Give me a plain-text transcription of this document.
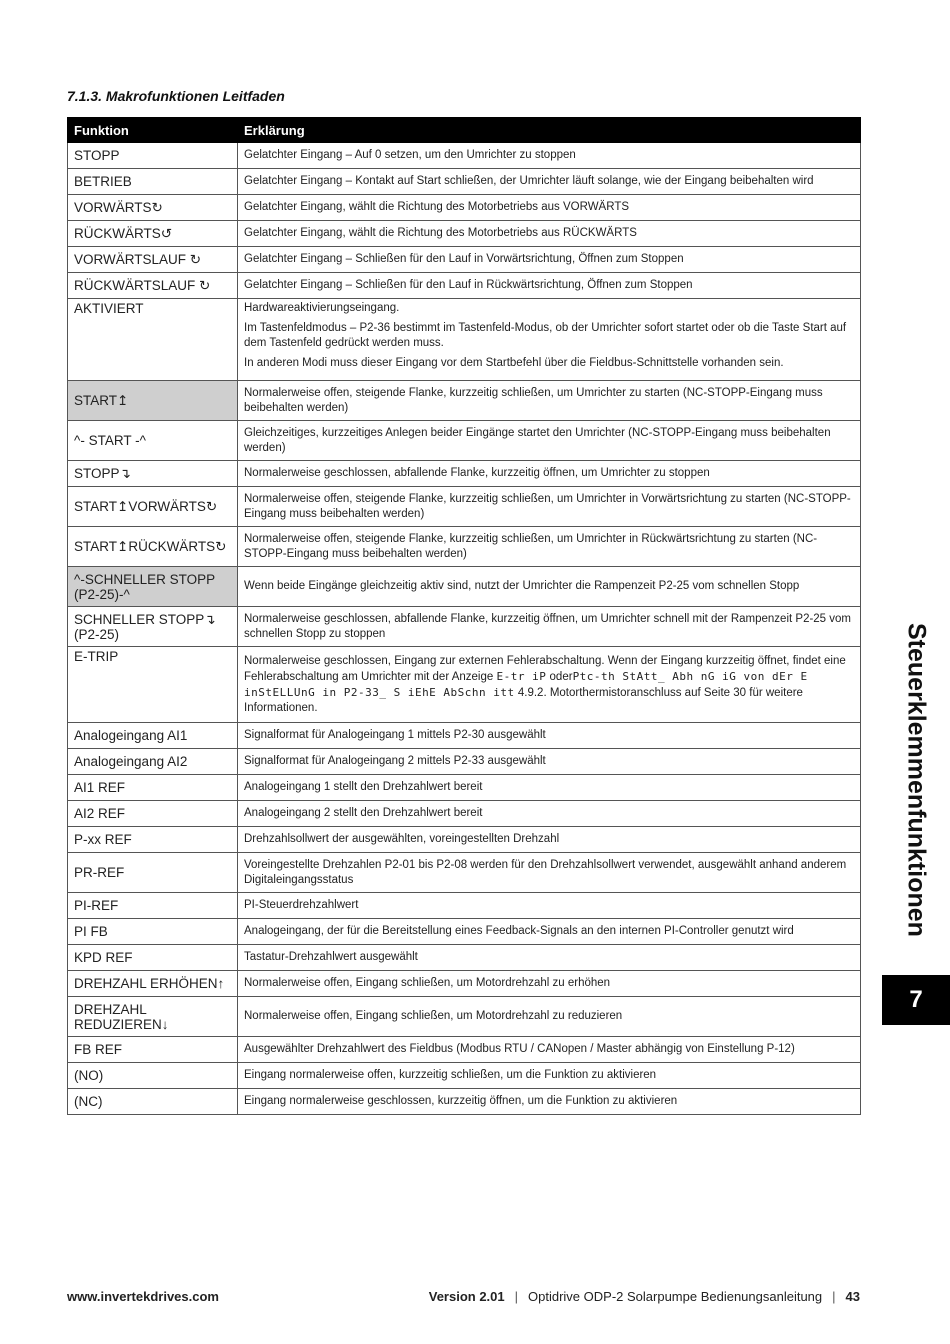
7.1.3. Makrofunktionen Leitfaden
Funktion	Erklärung
STOPP	Gelatchter Eingang – Auf 0 setzen, um den Umrichter zu stoppen
BETRIEB	Gelatchter Eingang – Kontakt auf Start schließen, der Umrichter läuft solange, wie der Eingang beibehalten wird
VORWÄRTS↻	Gelatchter Eingang, wählt die Richtung des Motorbetriebs aus VORWÄRTS
RÜCKWÄRTS↺	Gelatchter Eingang, wählt die Richtung des Motorbetriebs aus RÜCKWÄRTS
VORWÄRTSLAUF ↻	Gelatchter Eingang – Schließen für den Lauf in Vorwärtsrichtung, Öffnen zum Stoppen
RÜCKWÄRTSLAUF ↻	Gelatchter Eingang – Schließen für den Lauf in Rückwärtsrichtung, Öffnen zum Stoppen
AKTIVIERT	Hardwareaktivierungseingang.

Im Tastenfeldmodus – P2-36 bestimmt im Tastenfeld-Modus, ob der Umrichter sofort startet oder ob die Taste Start auf dem Tastenfeld gedrückt werden muss.

In anderen Modi muss dieser Eingang vor dem Startbefehl über die Fieldbus-Schnittstelle vorhanden sein.

START↥	Normalerweise offen, steigende Flanke, kurzzeitig schließen, um Umrichter zu starten (NC-STOPP-Eingang muss beibehalten werden)
^- START -^	Gleichzeitiges, kurzzeitiges Anlegen beider Eingänge startet den Umrichter (NC-STOPP-Eingang muss beibehalten werden)
STOPP↴	Normalerweise geschlossen, abfallende Flanke, kurzzeitig öffnen, um Umrichter zu stoppen
START↥VORWÄRTS↻	Normalerweise offen, steigende Flanke, kurzzeitig schließen, um Umrichter in Vorwärtsrichtung zu starten (NC-STOPP-Eingang muss beibehalten werden)
START↥RÜCKWÄRTS↻	Normalerweise offen, steigende Flanke, kurzzeitig schließen, um Umrichter in Rückwärtsrichtung zu starten (NC-STOPP-Eingang muss beibehalten werden)
^-SCHNELLER STOPP (P2-25)-^	Wenn beide Eingänge gleichzeitig aktiv sind, nutzt der Umrichter die Rampenzeit P2-25 vom schnellen Stopp
SCHNELLER STOPP↴ (P2-25)	Normalerweise geschlossen, abfallende Flanke, kurzzeitig öffnen, um Umrichter schnell mit der Rampenzeit P2-25 vom schnellen Stopp zu stoppen
E-TRIP	Normalerweise geschlossen, Eingang zur externen Fehlerabschaltung. Wenn der Eingang kurzzeitig öffnet, findet eine Fehlerabschaltung am Umrichter mit der Anzeige E-tr iP oderPtc-th StAtt_ Abh nG iG von dEr E inStELLUnG in P2-33_ S iEhE AbSchn itt 4.9.2. Motorthermistoranschluss auf Seite 30 für weitere Informationen.
Analogeingang AI1	Signalformat für Analogeingang 1 mittels P2-30 ausgewählt
Analogeingang AI2	Signalformat für Analogeingang 2 mittels P2-33 ausgewählt
AI1 REF	Analogeingang 1 stellt den Drehzahlwert bereit
AI2 REF	Analogeingang 2 stellt den Drehzahlwert bereit
P-xx REF	Drehzahlsollwert der ausgewählten, voreingestellten Drehzahl
PR-REF	Voreingestellte Drehzahlen P2-01 bis P2-08 werden für den Drehzahlsollwert verwendet, ausgewählt anhand anderem Digitaleingangsstatus
PI-REF	PI-Steuerdrehzahlwert
PI FB	Analogeingang, der für die Bereitstellung eines Feedback-Signals an den internen PI-Controller genutzt wird
KPD REF	Tastatur-Drehzahlwert ausgewählt
DREHZAHL ERHÖHEN↑	Normalerweise offen, Eingang schließen, um Motordrehzahl zu erhöhen
DREHZAHL REDUZIEREN↓	Normalerweise offen, Eingang schließen, um Motordrehzahl zu reduzieren
FB REF	Ausgewählter Drehzahlwert des Fieldbus (Modbus RTU / CANopen / Master abhängig von Einstellung P-12)
(NO)	Eingang normalerweise offen, kurzzeitig schließen, um die Funktion zu aktivieren
(NC)	Eingang normalerweise geschlossen, kurzzeitig öffnen, um die Funktion zu aktivieren
Steuerklemmenfunktionen
7
www.invertekdrives.com	Version 2.01 | Optidrive ODP-2 Solarpumpe Bedienungsanleitung | 43
